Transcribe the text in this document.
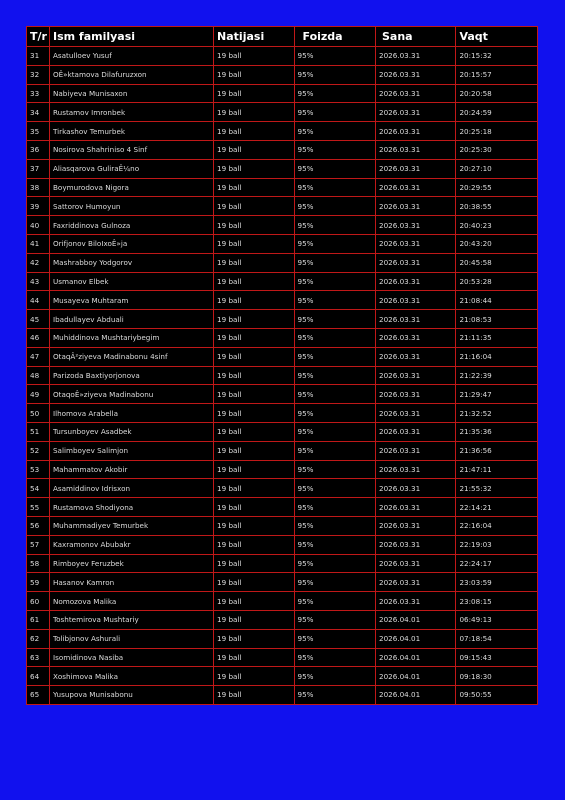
T/r	Ism familyasi	Natijasi	Foizda	Sana	Vaqt
31	Asatulloev Yusuf	19 ball	95%	2026.03.31	20:15:32
32	OÊ»ktamova Dilafuruzxon	19 ball	95%	2026.03.31	20:15:57
33	Nabiyeva Munisaxon	19 ball	95%	2026.03.31	20:20:58
34	Rustamov Imronbek	19 ball	95%	2026.03.31	20:24:59
35	Tirkashov Temurbek	19 ball	95%	2026.03.31	20:25:18
36	Nosirova Shahriniso 4 Sinf	19 ball	95%	2026.03.31	20:25:30
37	Aliasqarova GuliraÊ¼no	19 ball	95%	2026.03.31	20:27:10
38	Boymurodova Nigora	19 ball	95%	2026.03.31	20:29:55
39	Sattorov Humoyun	19 ball	95%	2026.03.31	20:38:55
40	Faxriddinova Gulnoza	19 ball	95%	2026.03.31	20:40:23
41	Orifjonov BiloIxoÊ»ja	19 ball	95%	2026.03.31	20:43:20
42	Mashrabboy Yodgorov	19 ball	95%	2026.03.31	20:45:58
43	Usmanov Elbek	19 ball	95%	2026.03.31	20:53:28
44	Musayeva Muhtaram	19 ball	95%	2026.03.31	21:08:44
45	Ibadullayev Abduali	19 ball	95%	2026.03.31	21:08:53
46	Muhiddinova Mushtariybegim	19 ball	95%	2026.03.31	21:11:35
47	OtaqÂ²ziyeva Madinabonu 4sinf	19 ball	95%	2026.03.31	21:16:04
48	Parizoda Baxtiyorjonova	19 ball	95%	2026.03.31	21:22:39
49	OtaqoÊ»ziyeva Madinabonu	19 ball	95%	2026.03.31	21:29:47
50	Ilhomova Arabella	19 ball	95%	2026.03.31	21:32:52
51	Tursunboyev Asadbek	19 ball	95%	2026.03.31	21:35:36
52	Salimboyev Salimjon	19 ball	95%	2026.03.31	21:36:56
53	Mahammatov Akobir	19 ball	95%	2026.03.31	21:47:11
54	Asamiddinov Idrisxon	19 ball	95%	2026.03.31	21:55:32
55	Rustamova Shodiyona	19 ball	95%	2026.03.31	22:14:21
56	Muhammadiyev Temurbek	19 ball	95%	2026.03.31	22:16:04
57	Kaxramonov Abubakr	19 ball	95%	2026.03.31	22:19:03
58	Rimboyev Feruzbek	19 ball	95%	2026.03.31	22:24:17
59	Hasanov Kamron	19 ball	95%	2026.03.31	23:03:59
60	Nomozova Malika	19 ball	95%	2026.03.31	23:08:15
61	Toshtemirova Mushtariy	19 ball	95%	2026.04.01	06:49:13
62	Tolibjonov Ashurali	19 ball	95%	2026.04.01	07:18:54
63	Isomidinova Nasiba	19 ball	95%	2026.04.01	09:15:43
64	Xoshimova Malika	19 ball	95%	2026.04.01	09:18:30
65	Yusupova Munisabonu	19 ball	95%	2026.04.01	09:50:55
